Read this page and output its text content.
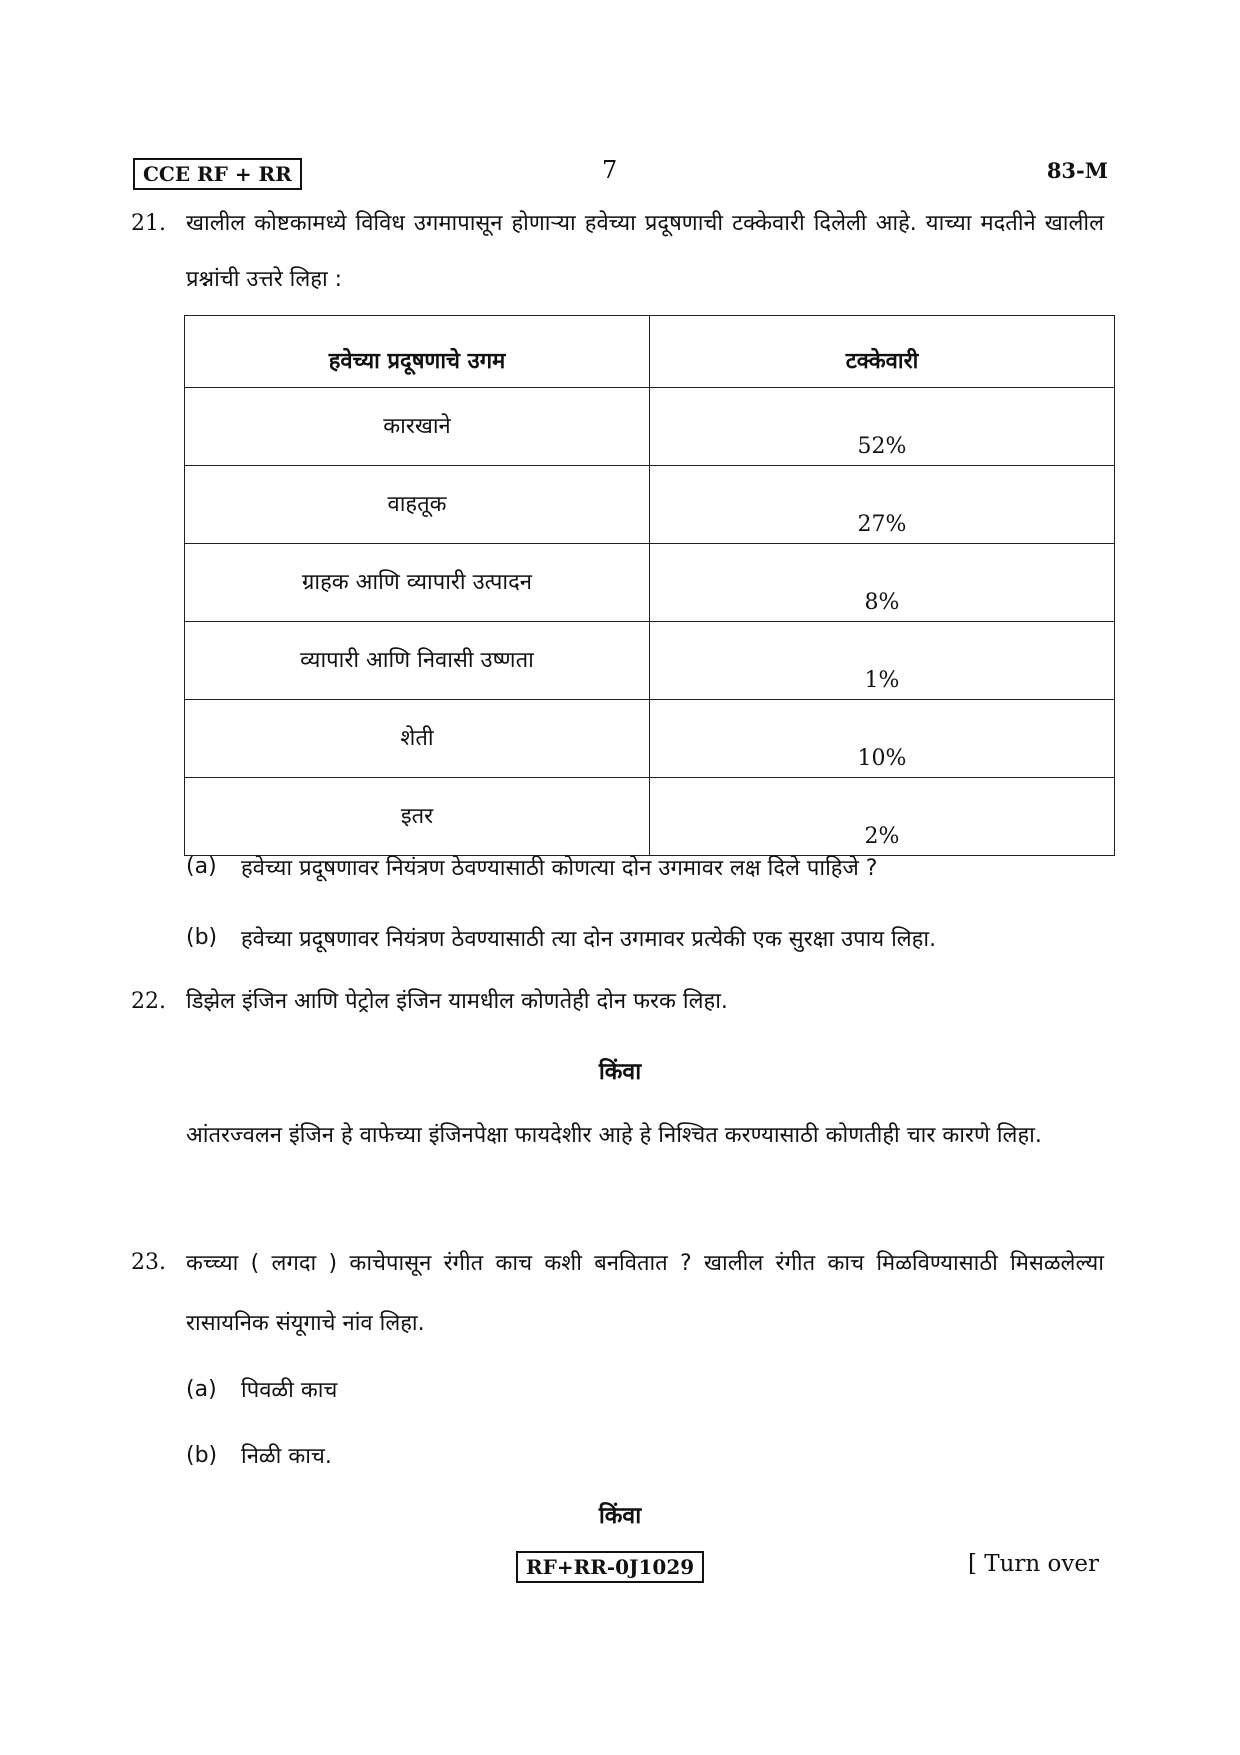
CCE RF + RR	7	83-M
21. खालील कोष्टकामध्ये विविध उगमापासून होणाऱ्या हवेच्या प्रदूषणाची टक्केवारी दिलेली आहे. याच्या मदतीने खालील प्रश्नांची उत्तरे लिहा :
हवेच्या प्रदूषणाचे उगम	टक्केवारी
कारखाने	52%
वाहतूक	27%
ग्राहक आणि व्यापारी उत्पादन	8%
व्यापारी आणि निवासी उष्णता	1%
शेती	10%
इतर	2%
(a) हवेच्या प्रदूषणावर नियंत्रण ठेवण्यासाठी कोणत्या दोन उगमावर लक्ष दिले पाहिजे ?
(b) हवेच्या प्रदूषणावर नियंत्रण ठेवण्यासाठी त्या दोन उगमावर प्रत्येकी एक सुरक्षा उपाय लिहा.
22. डिझेल इंजिन आणि पेट्रोल इंजिन यामधील कोणतेही दोन फरक लिहा.
किंवा
आंतरज्वलन इंजिन हे वाफेच्या इंजिनपेक्षा फायदेशीर आहे हे निश्चित करण्यासाठी कोणतीही चार कारणे लिहा.
23. कच्च्या ( लगदा ) काचेपासून रंगीत काच कशी बनवितात ? खालील रंगीत काच मिळविण्यासाठी मिसळलेल्या रासायनिक संयूगाचे नांव लिहा.
(a) पिवळी काच
(b) निळी काच.
किंवा
RF+RR-0J1029	[ Turn over
